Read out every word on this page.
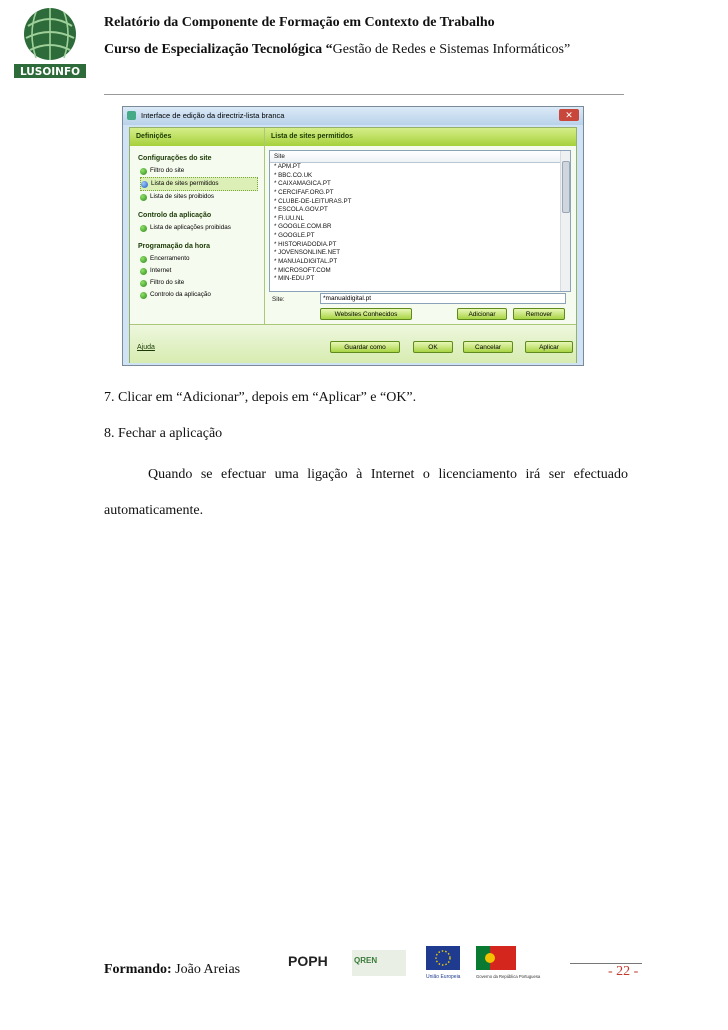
LUSOINFO
Relatório da Componente de Formação em Contexto de Trabalho
Curso de Especialização Tecnológica “Gestão de Redes e Sistemas Informáticos”
Interface de edição da directriz-lista branca	✕
Definições
Configurações do site
Filtro do site
Lista de sites permitidos
Lista de sites proibidos
Controlo da aplicação
Lista de aplicações proibidas
Programação da hora
Encerramento
Internet
Filtro do site
Controlo da aplicação
Lista de sites permitidos
Site
* APM.PT
* BBC.CO.UK
* CAIXAMAGICA.PT
* CERCIFAF.ORG.PT
* CLUBE-DE-LEITURAS.PT
* ESCOLA.GOV.PT
* FI.UU.NL
* GOOGLE.COM.BR
* GOOGLE.PT
* HISTORIADODIA.PT
* JOVENSONLINE.NET
* MANUALDIGITAL.PT
* MICROSOFT.COM
* MIN-EDU.PT
Site:
*manualdigital.pt
Websites Conhecidos	Adicionar	Remover
Ajuda	Guardar como	OK	Cancelar	Aplicar
7. Clicar em “Adicionar”, depois em “Aplicar” e “OK”.
8. Fechar a aplicação
Quando se efectuar uma ligação à Internet o licenciamento irá ser efectuado
automaticamente.
Formando: João Areias
POPH	QREN
União Europeia	Governo da República Portuguesa	- 22 -
